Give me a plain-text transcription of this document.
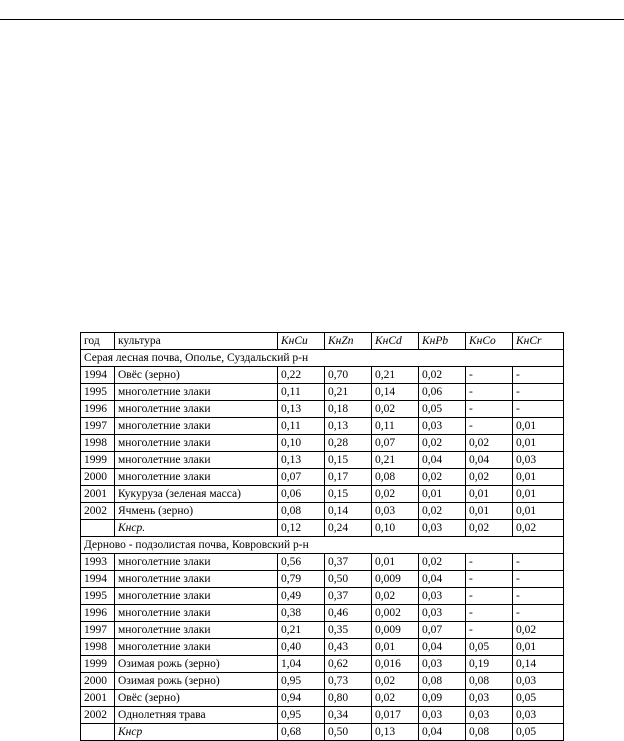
год	культура	KнCu	KнZn	KнCd	KнPb	KнCo	KнCr
Серая лесная почва, Ополье, Суздальский р-н							
1994	Овёс (зерно)	0,22	0,70	0,21	0,02	-	-
1995	многолетние злаки	0,11	0,21	0,14	0,06	-	-
1996	многолетние злаки	0,13	0,18	0,02	0,05	-	-
1997	многолетние злаки	0,11	0,13	0,11	0,03	-	0,01
1998	многолетние злаки	0,10	0,28	0,07	0,02	0,02	0,01
1999	многолетние злаки	0,13	0,15	0,21	0,04	0,04	0,03
2000	многолетние злаки	0,07	0,17	0,08	0,02	0,02	0,01
2001	Кукуруза (зеленая масса)	0,06	0,15	0,02	0,01	0,01	0,01
2002	Ячмень (зерно)	0,08	0,14	0,03	0,02	0,01	0,01
	Kнср.	0,12	0,24	0,10	0,03	0,02	0,02
Дерново - подзолистая почва, Ковровский р-н							
1993	многолетние злаки	0,56	0,37	0,01	0,02	-	-
1994	многолетние злаки	0,79	0,50	0,009	0,04	-	-
1995	многолетние злаки	0,49	0,37	0,02	0,03	-	-
1996	многолетние злаки	0,38	0,46	0,002	0,03	-	-
1997	многолетние злаки	0,21	0,35	0,009	0,07	-	0,02
1998	многолетние злаки	0,40	0,43	0,01	0,04	0,05	0,01
1999	Озимая рожь (зерно)	1,04	0,62	0,016	0,03	0,19	0,14
2000	Озимая рожь (зерно)	0,95	0,73	0,02	0,08	0,08	0,03
2001	Овёс (зерно)	0,94	0,80	0,02	0,09	0,03	0,05
2002	Однолетняя трава	0,95	0,34	0,017	0,03	0,03	0,03
	Kнср	0,68	0,50	0,13	0,04	0,08	0,05
